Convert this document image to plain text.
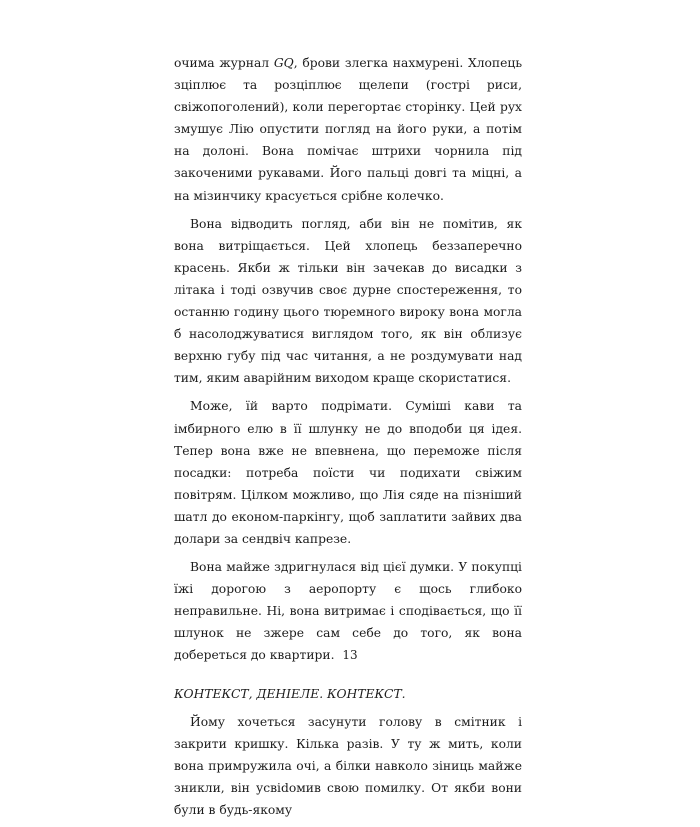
очима журнал GQ, брови злегка нахмурені. Хлопець зціплює та розціплює щелепи (гострі риси, свіжопоголений), коли перегортає сторінку. Цей рух змушує Лію опустити погляд на його руки, а потім на долоні. Вона помічає штрихи чорнила під закоченими рукавами. Його пальці довгі та міцні, а на мізинчику красується срібне колечко.

Вона відводить погляд, аби він не помітив, як вона витріщається. Цей хлопець беззаперечно красень. Якби ж тільки він зачекав до висадки з літака і тоді озвучив своє дурне спостереження, то останню годину цього тюремного вироку вона могла б насолоджуватися виглядом того, як він облизує верхню губу під час читання, а не роздумувати над тим, яким аварійним виходом краще скористатися.

Може, їй варто подрімати. Суміші кави та імбирного елю в її шлунку не до вподоби ця ідея. Тепер вона вже не впевнена, що переможе після посадки: потреба поїсти чи подихати свіжим повітрям. Цілком можливо, що Лія сяде на пізніший шатл до економ-паркінгу, щоб заплатити зайвих два долари за сендвіч капрезе.

Вона майже здригнулася від цієї думки. У покупці їжі дорогою з аеропорту є щось глибоко неправильне. Ні, вона витримає і сподівається, що її шлунок не зжере сам себе до того, як вона добереться до квартири.

КОНТЕКСТ, ДЕНІЕЛЕ. КОНТЕКСТ.

Йому хочеться засунути голову в смітник і закрити кришку. Кілька разів. У ту ж мить, коли вона примружила очі, а білки навколо зіниць майже зникли, він усвіdомив свою помилку. От якби вони були в будь-якому

13
